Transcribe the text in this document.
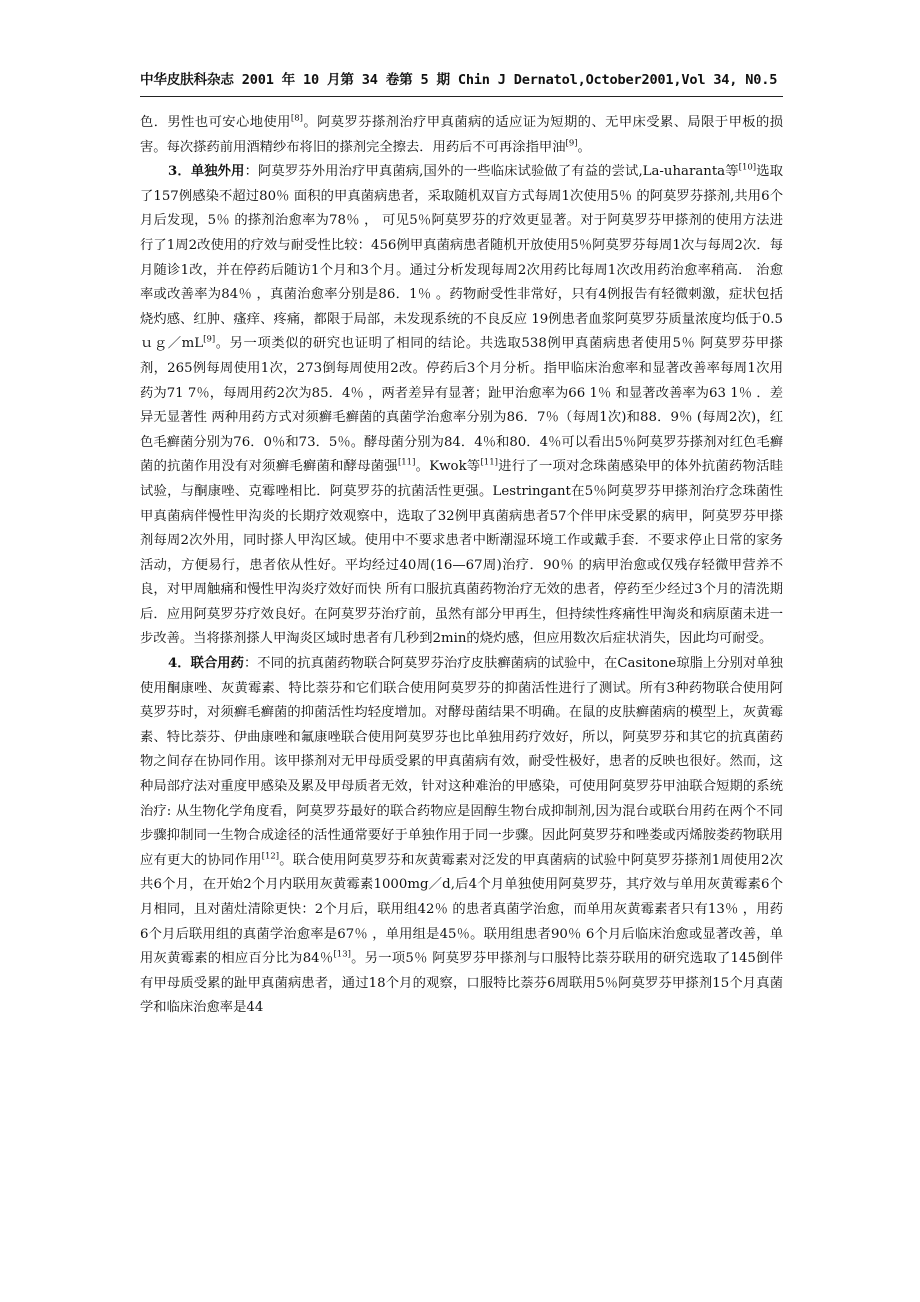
中华皮肤科杂志 2001 年 10 月第 34 卷第 5 期 Chin J Dernatol,October2001,Vol 34, N0.5

色．男性也可安心地使用[8]。阿莫罗芬搽剂治疗甲真菌病的适应证为短期的、无甲床受累、局限于甲板的损害。每次搽药前用酒精纱布将旧的搽剂完全擦去．用药后不可再涂指甲油[9]。

3．单独外用：阿莫罗芬外用治疗甲真菌病,国外的一些临床试验做了有益的尝试,La-uharanta等[10]选取了157例感染不超过80％ 面积的甲真菌病患者，采取随机双盲方式每周1次使用5％ 的阿莫罗芬搽剂,共用6个月后发现，5％ 的搽剂治愈率为78％ ， 可见5％阿莫罗芬的疗效更显著。对于阿莫罗芬甲搽剂的使用方法进行了1周2改使用的疗效与耐受性比较：456例甲真菌病患者随机开放使用5％阿莫罗芬每周1次与每周2次．每月随诊1改，并在停药后随访1个月和3个月。通过分析发现每周2次用药比每周1次改用药治愈率稍高． 治愈率或改善率为84％ ，真菌治愈率分别是86．1％ 。药物耐受性非常好，只有4例报告有轻微刺激，症状包括烧灼感、红肿、瘙痒、疼痛，都限于局部，未发现系统的不良反应 19例患者血浆阿莫罗芬质量浓度均低于0.5 ｕｇ／mL[9]。另一项类似的研究也证明了相同的结论。共选取538例甲真菌病患者使用5％ 阿莫罗芬甲搽剂，265例每周使用1次，273倒每周使用2改。停药后3个月分析。指甲临床治愈率和显著改善率每周1次用药为71 7％，每周用药2次为85．4％ ，两者差异有显著；趾甲治愈率为66 1％ 和显著改善率为63 1％ ．差异无显著性 两种用药方式对须癣毛癣菌的真菌学治愈率分别为86．7％（每周1次)和88．9％ (每周2次)，红色毛癣菌分别为76．0％和73．5％。酵母菌分别为84．4％和80．4％可以看出5％阿莫罗芬搽剂对红色毛癣菌的抗菌作用没有对须癣毛癣菌和酵母菌强[11]。Kwok等[11]进行了一项对念珠菌感染甲的体外抗菌药物活眭试验，与酮康唑、克霉唑相比．阿莫罗芬的抗菌活性更强。Lestringant在5％阿莫罗芬甲搽剂治疗念珠菌性甲真菌病伴慢性甲沟炎的长期疗效观察中，选取了32例甲真菌病患者57个伴甲床受累的病甲，阿莫罗芬甲搽剂每周2次外用，同时搽人甲沟区域。使用中不要求患者中断潮湿环境工作或戴手套．不要求停止日常的家务活动，方便易行，患者依从性好。平均经过40周(16—67周)治疗．90％ 的病甲治愈或仅残存轻微甲营养不良，对甲周触痛和慢性甲沟炎疗效好而快 所有口服抗真菌药物治疗无效的患者，停药至少经过3个月的清洗期后．应用阿莫罗芬疗效良好。在阿莫罗芬治疗前，虽然有部分甲再生，但持续性疼痛性甲淘炎和病原菌未进一步改善。当将搽剂搽人甲淘炎区域时患者有几秒到2min的烧灼感，但应用数次后症状消失，因此均可耐受。

4．联合用药：不同的抗真菌药物联合阿莫罗芬治疗皮肤癣菌病的试验中，在Casitone琼脂上分别对单独使用酮康唑、灰黄霉素、特比萘芬和它们联合使用阿莫罗芬的抑菌活性进行了测试。所有3种药物联合使用阿莫罗芬时，对须癣毛癣菌的抑菌活性均轻度增加。对酵母菌结果不明确。在鼠的皮肤癣菌病的模型上，灰黄霉素、特比萘芬、伊曲康唑和氟康唑联合使用阿莫罗芬也比单独用药疗效好，所以，阿莫罗芬和其它的抗真菌药物之间存在协同作用。该甲搽剂对无甲母质受累的甲真菌病有效，耐受性极好，患者的反映也很好。然而，这种局部疗法对重度甲感染及累及甲母质者无效，针对这种难治的甲感染，可使用阿莫罗芬甲油联合短期的系统治疗: 从生物化学角度看，阿莫罗芬最好的联合药物应是固醇生物台成抑制剂,因为混台或联台用药在两个不同步骤抑制同一生物合成途径的活性通常要好于单独作用于同一步骤。因此阿莫罗芬和唑娄或丙烯胺娄药物联用应有更大的协同作用[12]。联合使用阿莫罗芬和灰黄霉素对泛发的甲真菌病的试验中阿莫罗芬搽剂1周使用2次共6个月，在开始2个月内联用灰黄霉素1000mg／d,后4个月单独使用阿莫罗芬，其疗效与单用灰黄霉素6个月相同，且对菌灶清除更快：2个月后，联用组42％ 的患者真菌学治愈，而单用灰黄霉素者只有13％ ，用药6个月后联用组的真菌学治愈率是67％ ，单用组是45％。联用组患者90％ 6个月后临床治愈或显著改善，单用灰黄霉素的相应百分比为84％[13]。另一项5％ 阿莫罗芬甲搽剂与口服特比萘芬联用的研究选取了145倒伴有甲母质受累的趾甲真菌病患者，通过18个月的观察，口服特比萘芬6周联用5％阿莫罗芬甲搽剂15个月真菌学和临床治愈率是44
